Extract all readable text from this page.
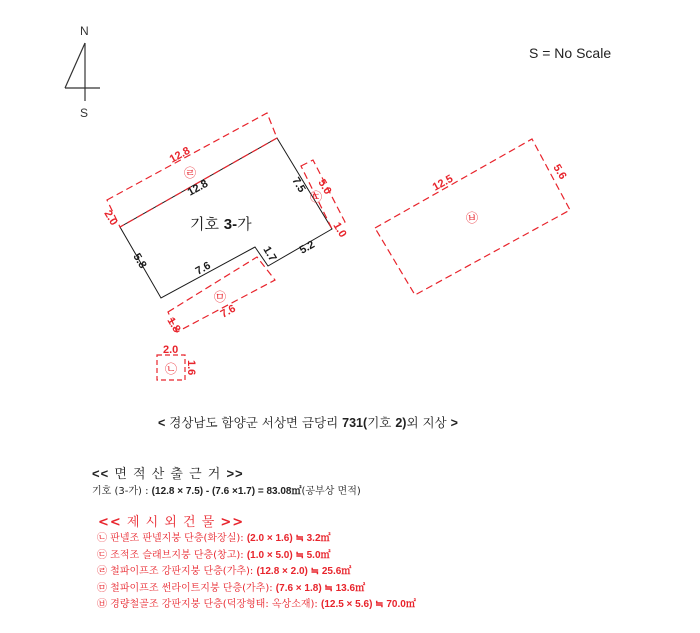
N
S
기호 3-가
12.8	7.5
5.8	7.6
1.7 5.2
12.8
2.0
5.0
1.0
7.6
1.8
2.0
1.6
12.5
5.6
㉣
㉢
㉤
㉡
㉥
S = No Scale
< 경상남도 함양군 서상면 금당리 731(기호 2)외 지상 >
<< 면 적 산 출 근 거 >>
기호 (3-가) : (12.8 × 7.5) - (7.6 ×1.7) = 83.08㎡(공부상 면적)
<< 제 시 외 건 물 >>
㉡ 판넬조 판넬지붕 단층(화장실): (2.0 × 1.6) ≒ 3.2㎡
㉢ 조적조 슬래브지붕 단층(창고): (1.0 × 5.0) ≒ 5.0㎡
㉣ 철파이프조 강판지붕 단층(가추): (12.8 × 2.0) ≒ 25.6㎡
㉤ 철파이프조 썬라이트지붕 단층(가추): (7.6 × 1.8) ≒ 13.6㎡
㉥ 경량철골조 강판지붕 단층(덕장형태: 옥상소재): (12.5 × 5.6) ≒ 70.0㎡
